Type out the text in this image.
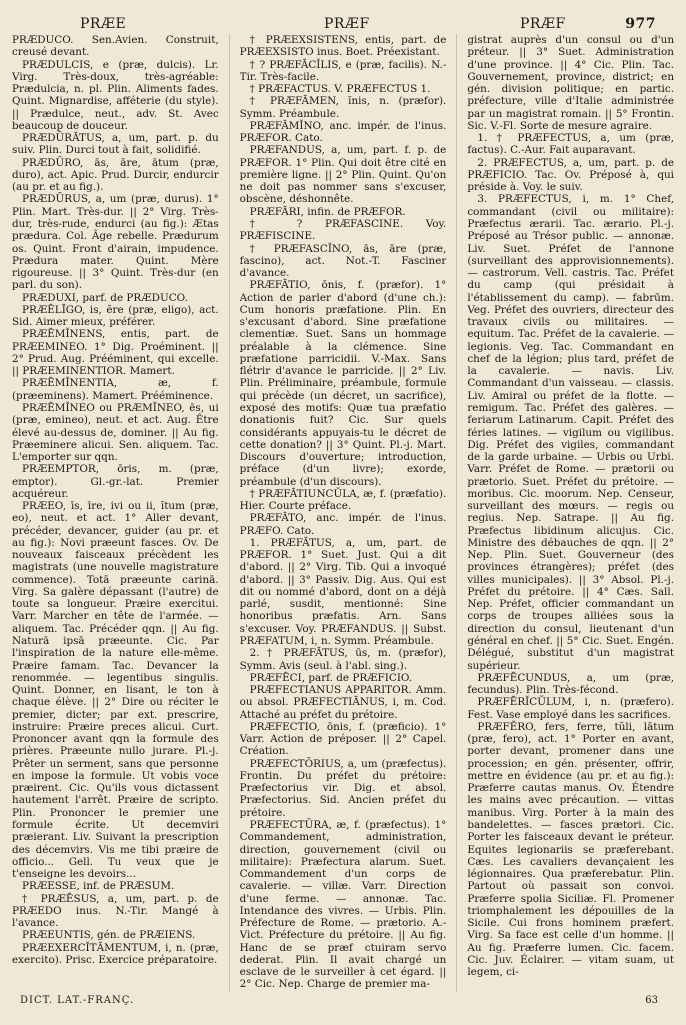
PRÆE	PRÆF	PRÆF	977

PRÆDUCO. Sen.Avien. Construit, creusé devant.

PRÆDULCIS, e (præ, dulcis). Lr. Virg. Très-doux, très-agréable: Prædulcia, n. pl. Plin. Aliments fades. Quint. Mignardise, afféterie (du style). || Prædulce, neut., adv. St. Avec beaucoup de douceur.

PRÆDŪRĀTUS, a, um, part. p. du suiv. Plin. Durci tout à fait, solidifié.

PRÆDŪRO, ās, āre, ātum (præ, duro), act. Apic. Prud. Durcir, endurcir (au pr. et au fig.).

PRÆDŪRUS, a, um (præ, durus). 1° Plin. Mart. Très-dur. || 2° Virg. Très-dur, très-rude, endurci (au fig.): Ætas prædura. Col. Âge rebelle. Prædurum os. Quint. Front d'airain, impudence. Prædura mater. Quint. Mère rigoureuse. || 3° Quint. Très-dur (en parl. du son).

PRÆDUXI, parf. de PRÆDUCO.

PRÆĒLĪGO, is, ĕre (præ, eligo), act. Sid. Aimer mieux, préférer.

PRÆĒMĬNENS, entis, part. de PRÆEMINEO. 1° Dig. Proéminent. || 2° Prud. Aug. Prééminent, qui excelle. || PRÆEMINENTIOR. Mamert.

PRÆĒMĬNENTIA, æ, f. (præeminens). Mamert. Prééminence.

PRÆĒMĬNEO ou PRÆMĬNEO, ēs, ui (præ, emineo), neut. et act. Aug. Être élevé au-dessus de, dominer. || Au fig. Præeminere alicui. Sen. aliquem. Tac. L'emporter sur qqn.

PRÆEMPTOR, ōris, m. (præ, emptor). Gl.-gr.-lat. Premier acquéreur.

PRÆEO, īs, īre, ivi ou ii, ĭtum (præ, eo), neut. et act. 1° Aller devant, précéder, devancer, guider (au pr. et au fig.): Novi præeunt fasces. Ov. De nouveaux faisceaux précèdent les magistrats (une nouvelle magistrature commence). Totā præeunte carinā. Virg. Sa galère dépassant (l'autre) de toute sa longueur. Præire exercitui. Varr. Marcher en tête de l'armée. — aliquem. Tac. Précéder qqn. || Au fig. Naturā ipsā præeunte. Cic. Par l'inspiration de la nature elle-même. Præire famam. Tac. Devancer la renommée. — legentibus singulis. Quint. Donner, en lisant, le ton à chaque élève. || 2° Dire ou réciter le premier, dicter; par ext. prescrire, instruire: Præire preces alicui. Curt. Prononcer avant qqn la formule des prières. Præeunte nullo jurare. Pl.-j. Prêter un serment, sans que personne en impose la formule. Ut vobis voce præirent. Cic. Qu'ils vous dictassent hautement l'arrêt. Præire de scripto. Plin. Prononcer le premier une formule écrite. Ut decemviri præierant. Liv. Suivant la prescription des décemvirs. Vis me tibi præire de officio... Gell. Tu veux que je t'enseigne les devoirs...

PRÆESSE, inf. de PRÆSUM.

† PRÆĒSUS, a, um, part. p. de PRÆEDO inus. N.-Tir. Mangé à l'avance.

PRÆEUNTIS, gén. de PRÆIENS.

PRÆEXERCĬTĀMENTUM, i, n. (præ, exercito). Prisc. Exercice préparatoire.

† PRÆEXSISTENS, entis, part. de PRÆEXSISTO inus. Boet. Préexistant.

† ? PRÆFĀCĬLIS, e (præ, facilis). N.-Tir. Très-facile.

† PRÆFACTUS. V. PRÆFECTUS 1.

† PRÆFĀMEN, ĭnis, n. (præfor). Symm. Préambule.

PRÆFĀMĬNO, anc. impér. de l'inus. PRÆFOR. Cato.

PRÆFANDUS, a, um, part. f. p. de PRÆFOR. 1° Plin. Qui doit être cité en première ligne. || 2° Plin. Quint. Qu'on ne doit pas nommer sans s'excuser, obscène, déshonnête.

PRÆFĀRI, infin. de PRÆFOR.

† ? PRÆFASCINE. Voy. PRÆFISCINE.

† PRÆFASCĬNO, ās, āre (præ, fascino), act. Not.-T. Fasciner d'avance.

PRÆFĀTIO, ōnis, f. (præfor). 1° Action de parler d'abord (d'une ch.): Cum honoris præfatione. Plin. En s'excusant d'abord. Sine præfatione clementiæ. Suet. Sans un hommage préalable à la clémence. Sine præfatione parricidii. V.-Max. Sans flétrir d'avance le parricide. || 2° Liv. Plin. Préliminaire, préambule, formule qui précède (un décret, un sacrifice), exposé des motifs: Quæ tua præfatio donationis fuit? Cic. Sur quels considérants appuyais-tu le décret de cette donation? || 3° Quint. Pl.-j. Mart. Discours d'ouverture; introduction, préface (d'un livre); exorde, préambule (d'un discours).

† PRÆFĀTIUNCŬLA, æ, f. (præfatio). Hier. Courte préface.

PRÆFĀTO, anc. impér. de l'inus. PRÆFO. Cato.

1. PRÆFĀTUS, a, um, part. de PRÆFOR. 1° Suet. Just. Qui a dit d'abord. || 2° Virg. Tib. Qui a invoqué d'abord. || 3° Passiv. Dig. Aus. Qui est dit ou nommé d'abord, dont on a déjà parlé, susdit, mentionné: Sine honoribus præfatis. Arn. Sans s'excuser. Voy. PRÆFANDUS. || Subst. PRÆFATUM, i, n. Symm. Préambule.

2. † PRÆFĀTUS, ūs, m. (præfor), Symm. Avis (seul. à l'abl. sing.).

PRÆFĒCI, parf. de PRÆFICIO.

PRÆFECTIANUS APPARITOR. Amm. ou absol. PRÆFECTIĀNUS, i, m. Cod. Attaché au préfet du prétoire.

PRÆFECTIO, ōnis, f. (præficio). 1° Varr. Action de préposer. || 2° Capel. Création.

PRÆFECTŌRIUS, a, um (præfectus). Frontin. Du préfet du prétoire: Præfectorius vir. Dig. et absol. Præfectorius. Sid. Ancien préfet du prétoire.

PRÆFECTŪRA, æ, f. (præfectus). 1° Commandement, administration, direction, gouvernement (civil ou militaire): Præfectura alarum. Suet. Commandement d'un corps de cavalerie. — villæ. Varr. Direction d'une ferme. — annonæ. Tac. Intendance des vivres. — Urbis. Plin. Préfecture de Rome. — prætorio. A.-Vict. Préfecture du prétoire. || Au fig. Hanc de se præf ctuiram servo dederat. Plin. Il avait chargé un esclave de le surveiller à cet égard. || 2° Cic. Nep. Charge de premier ma-

gistrat auprès d'un consul ou d'un préteur. || 3° Suet. Administration d'une province. || 4° Cic. Plin. Tac. Gouvernement, province, district; en gén. division politique; en partic. préfecture, ville d'Italie administrée par un magistrat romain. || 5° Frontin. Sic. V.-Fl. Sorte de mesure agraire.

1. † PRÆFECTUS, a, um (præ, factus). C.-Aur. Fait auparavant.

2. PRÆFECTUS, a, um, part. p. de PRÆFICIO. Tac. Ov. Préposé à, qui préside à. Voy. le suiv.

3. PRÆFECTUS, i, m. 1° Chef, commandant (civil ou militaire): Præfectus ærarii. Tac. ærario. Pl.-j. Préposé au Trésor public. — annonæ. Liv. Suet. Préfet de l'annone (surveillant des approvisionnements). — castrorum. Vell. castris. Tac. Préfet du camp (qui présidait à l'établissement du camp). — fabrūm. Veg. Préfet des ouvriers, directeur des travaux civils ou militaires. — equitum. Tac. Préfet de la cavalerie. — legionis. Veg. Tac. Commandant en chef de la légion; plus tard, préfet de la cavalerie. — navis. Liv. Commandant d'un vaisseau. — classis. Liv. Amiral ou préfet de la flotte. — remigum. Tac. Préfet des galères. — feriarum Latinarum. Capit. Préfet des féries latines. — vigilum ou vigilibus. Dig. Préfet des vigiles, commandant de la garde urbaine. — Urbis ou Urbi. Varr. Préfet de Rome. — prætorii ou prætorio. Suet. Préfet du prétoire. — moribus. Cic. moorum. Nep. Censeur, surveillant des mœurs. — regis ou regius. Nep. Satrape. || Au fig. Præfectus libidinum alicujus. Cic. Ministre des débauches de qqn. || 2° Nep. Plin. Suet. Gouverneur (des provinces étrangères); préfet (des villes municipales). || 3° Absol. Pl.-j. Préfet du prétoire. || 4° Cæs. Sall. Nep. Préfet, officier commandant un corps de troupes alliées sous la direction du consul, lieutenant d'un général en chef. || 5° Cic. Suet. Engén. Délégué, substitut d'un magistrat supérieur.

PRÆFĒCUNDUS, a, um (præ, fecundus). Plin. Très-fécond.

PRÆFĒRĬCŬLUM, i, n. (præfero). Fest. Vase employé dans les sacrifices.

PRÆFĔRO, fers, ferre, tŭli, lātum (præ, fero), act. 1° Porter en avant, porter devant, promener dans une procession; en gén. présenter, offrir, mettre en évidence (au pr. et au fig.): Præferre cautas manus. Ov. Étendre les mains avec précaution. — vittas manibus. Virg. Porter à la main des bandelettes. — fasces prætori. Cic. Porter les faisceaux devant le préteur. Equites legionariis se præferebant. Cæs. Les cavaliers devançaient les légionnaires. Qua præferebatur. Plin. Partout où passait son convoi. Præferre spolia Siciliæ. Fl. Promener triomphalement les dépouilles de la Sicile. Cui frons hominem præfert. Virg. Sa face est celle d'un homme. || Au fig. Præferre lumen. Cic. facem. Cic. Juv. Éclairer. — vitam suam, ut legem, ci-

DICT. LAT.-FRANÇ.	63
